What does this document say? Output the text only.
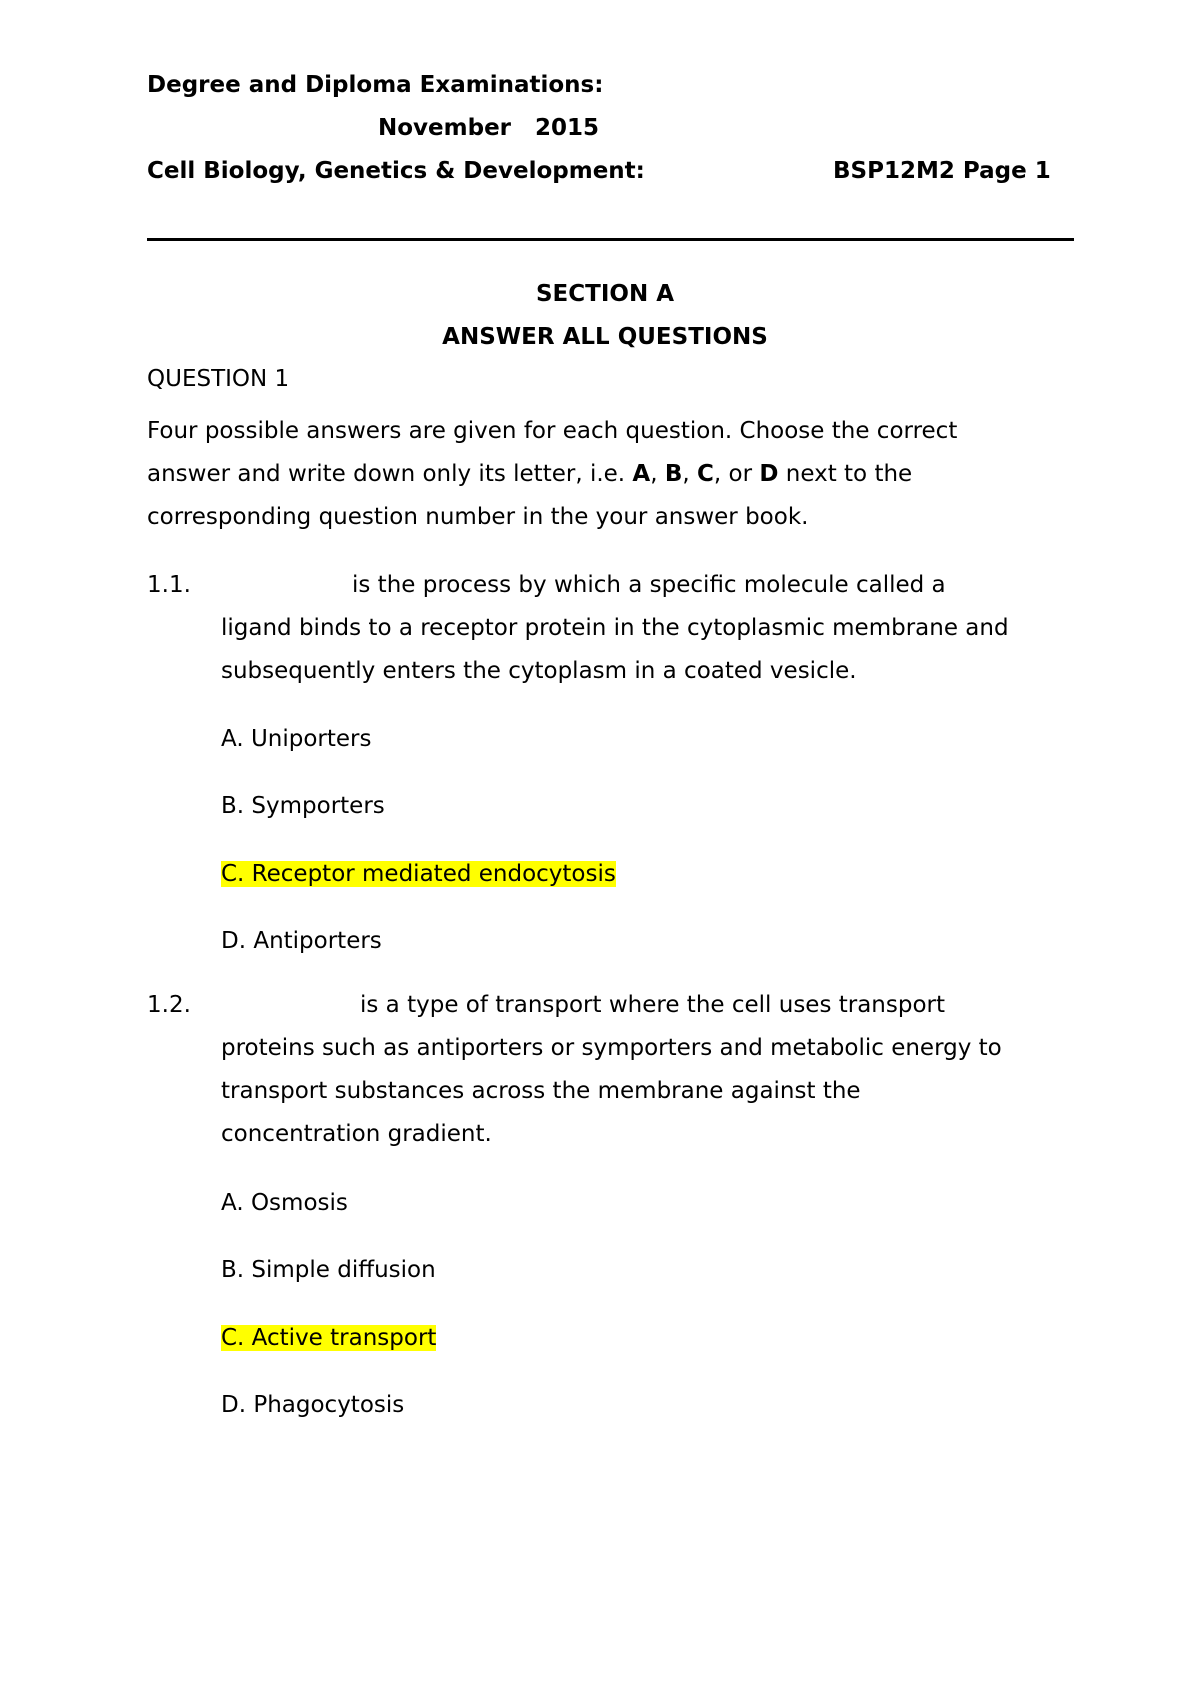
Degree and Diploma Examinations:
November   2015
Cell Biology, Genetics & Development:	BSP12M2 Page 1
SECTION A
ANSWER ALL QUESTIONS
QUESTION 1
Four possible answers are given for each question. Choose the correct
answer and write down only its letter, i.e. A, B, C, or D next to the
corresponding question number in the your answer book.
1.1.	is the process by which a specific molecule called a
ligand binds to a receptor protein in the cytoplasmic membrane and
subsequently enters the cytoplasm in a coated vesicle.
A. Uniporters
B. Symporters
C. Receptor mediated endocytosis
D. Antiporters
1.2.	is a type of transport where the cell uses transport
proteins such as antiporters or symporters and metabolic energy to
transport substances across the membrane against the
concentration gradient.
A. Osmosis
B. Simple diffusion
C. Active transport
D. Phagocytosis
